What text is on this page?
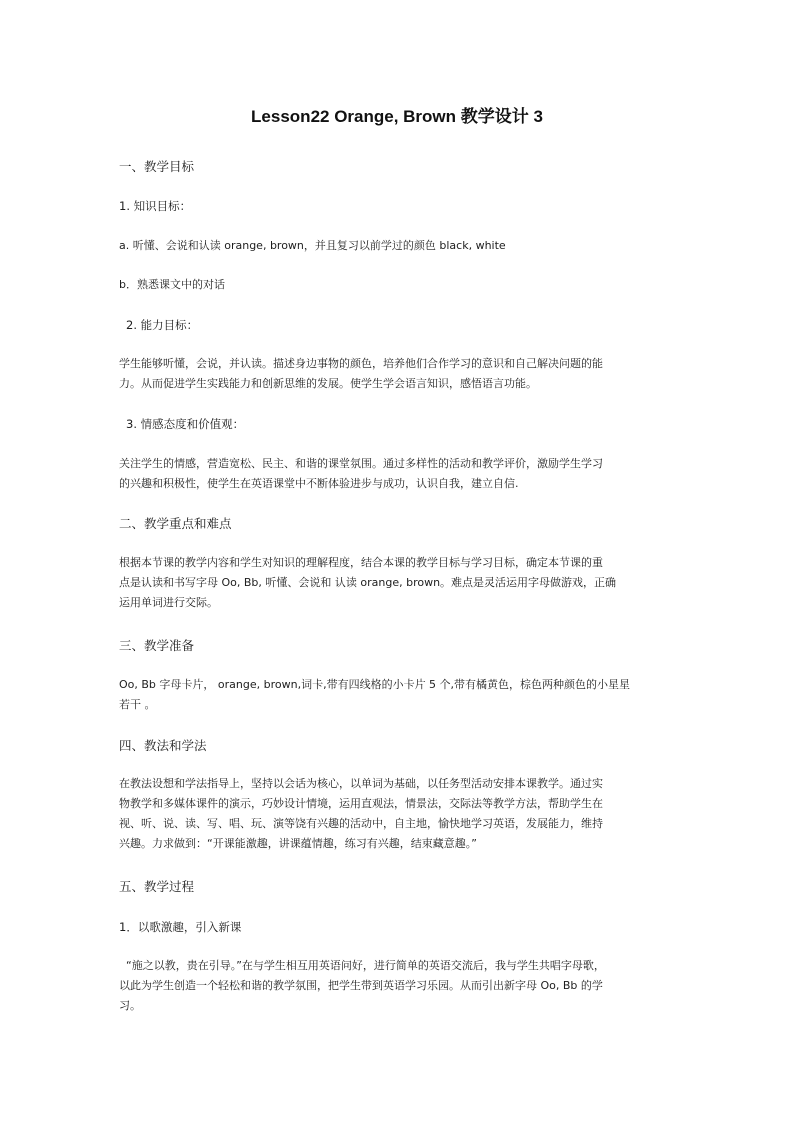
Lesson22 Orange, Brown 教学设计 3
一、教学目标
1. 知识目标：
a. 听懂、会说和认读 orange, brown，并且复习以前学过的颜色 black, white
b．熟悉课文中的对话
2. 能力目标：

学生能够听懂，会说，并认读。描述身边事物的颜色，培养他们合作学习的意识和自己解决问题的能

力。从而促进学生实践能力和创新思维的发展。使学生学会语言知识，感悟语言功能。

3. 情感态度和价值观：

关注学生的情感，营造宽松、民主、和谐的课堂氛围。通过多样性的活动和教学评价，激励学生学习

的兴趣和积极性，使学生在英语课堂中不断体验进步与成功，认识自我，建立自信.

二、教学重点和难点

根据本节课的教学内容和学生对知识的理解程度，结合本课的教学目标与学习目标，确定本节课的重

点是认读和书写字母 Oo, Bb, 听懂、会说和 认读 orange, brown。难点是灵活运用字母做游戏，正确

运用单词进行交际。

三、教学准备

Oo, Bb 字母卡片， orange, brown,词卡,带有四线格的小卡片 5 个,带有橘黄色，棕色两种颜色的小星星

若干 。

四、教法和学法

在教法设想和学法指导上，坚持以会话为核心，以单词为基础，以任务型活动安排本课教学。通过实

物教学和多媒体课件的演示，巧妙设计情境，运用直观法，情景法，交际法等教学方法，帮助学生在

视、听、说、读、写、唱、玩、演等饶有兴趣的活动中，自主地，愉快地学习英语，发展能力，维持

兴趣。力求做到：“开课能激趣，讲课蕴情趣，练习有兴趣，结束藏意趣。”

五、教学过程
1．以歌激趣，引入新课

“施之以教，贵在引导。”在与学生相互用英语问好，进行简单的英语交流后，我与学生共唱字母歌，

以此为学生创造一个轻松和谐的教学氛围，把学生带到英语学习乐园。从而引出新字母 Oo, Bb 的学

习。
